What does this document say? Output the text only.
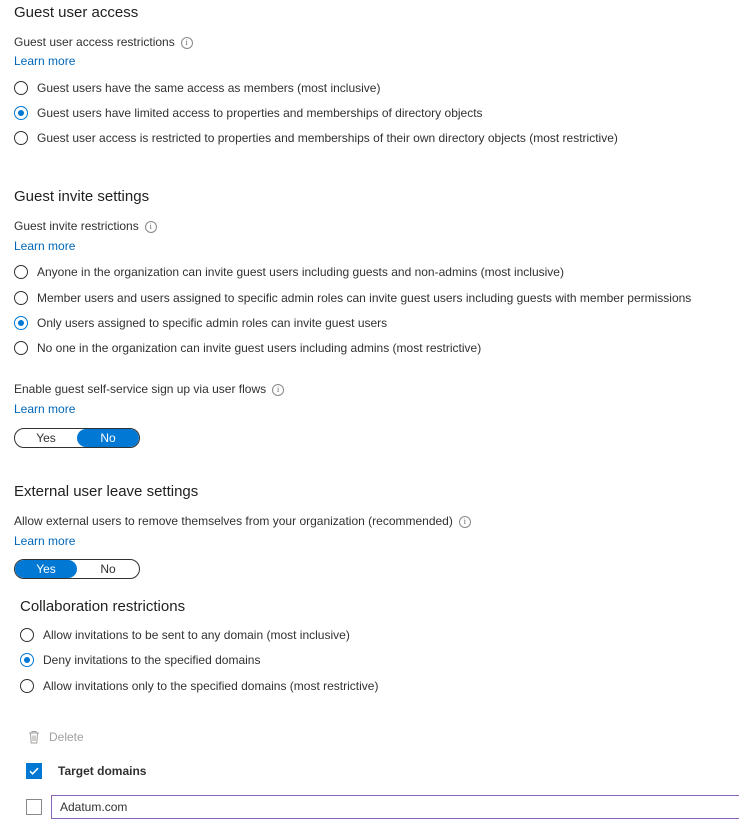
Guest user access
Guest user access restrictions i
Learn more
Guest users have the same access as members (most inclusive)
Guest users have limited access to properties and memberships of directory objects
Guest user access is restricted to properties and memberships of their own directory objects (most restrictive)
Guest invite settings
Guest invite restrictions i
Learn more
Anyone in the organization can invite guest users including guests and non-admins (most inclusive)
Member users and users assigned to specific admin roles can invite guest users including guests with member permissions
Only users assigned to specific admin roles can invite guest users
No one in the organization can invite guest users including admins (most restrictive)
Enable guest self-service sign up via user flows i
Learn more
Yes	No
External user leave settings
Allow external users to remove themselves from your organization (recommended) i
Learn more
Yes	No
Collaboration restrictions
Allow invitations to be sent to any domain (most inclusive)
Deny invitations to the specified domains
Allow invitations only to the specified domains (most restrictive)
Delete
Target domains
Adatum.com
